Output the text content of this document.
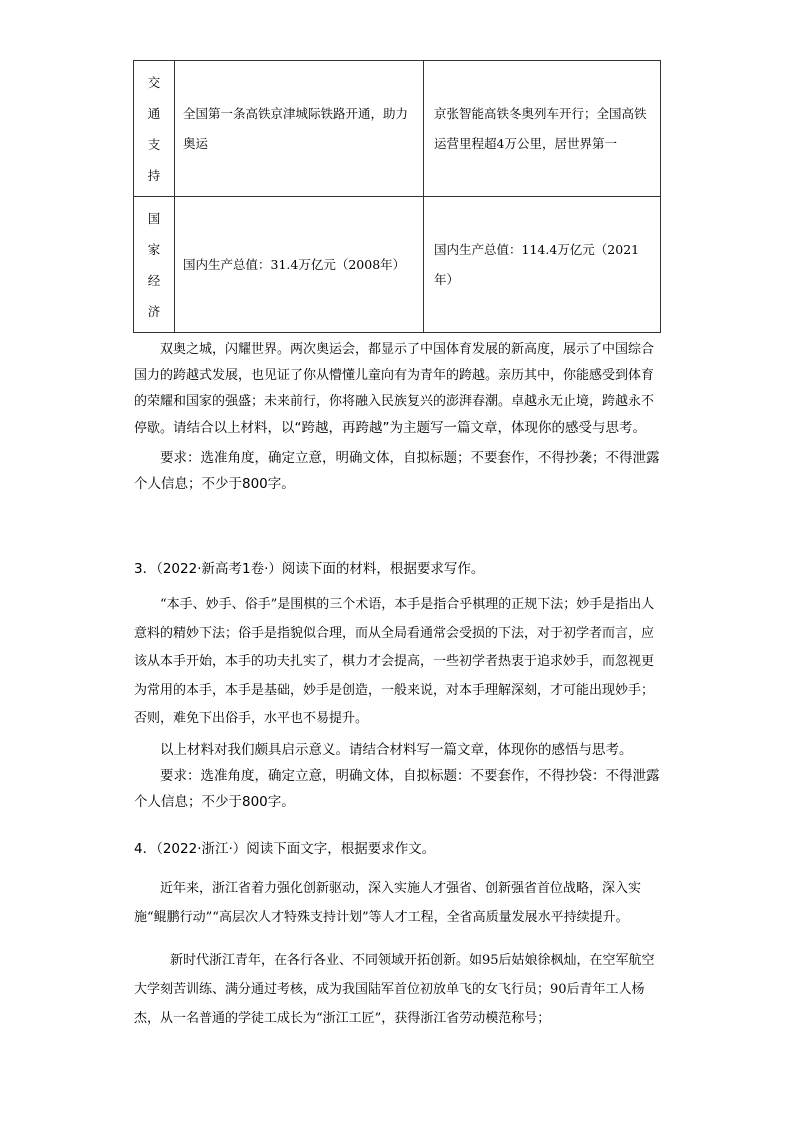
交
通
支
持	全国第一条高铁京津城际铁路开通，助力奥运	京张智能高铁冬奥列车开行；全国高铁运营里程超4万公里，居世界第一

国
家
经
济	国内生产总值：31.4万亿元（2008年）	国内生产总值：114.4万亿元（2021年）

双奥之城，闪耀世界。两次奥运会，都显示了中国体育发展的新高度，展示了中国综合国力的跨越式发展，也见证了你从懵懂儿童向有为青年的跨越。亲历其中，你能感受到体育的荣耀和国家的强盛；未来前行，你将融入民族复兴的澎湃春潮。卓越永无止境，跨越永不停歇。请结合以上材料，以“跨越，再跨越”为主题写一篇文章，体现你的感受与思考。

要求：选准角度，确定立意，明确文体，自拟标题；不要套作，不得抄袭；不得泄露个人信息；不少于800字。

3．（2022·新高考1卷·）阅读下面的材料，根据要求写作。

“本手、妙手、俗手”是围棋的三个术语，本手是指合乎棋理的正规下法；妙手是指出人意料的精妙下法；俗手是指貌似合理，而从全局看通常会受损的下法，对于初学者而言，应该从本手开始，本手的功夫扎实了，棋力才会提高，一些初学者热衷于追求妙手，而忽视更为常用的本手，本手是基础，妙手是创造，一般来说，对本手理解深刻，才可能出现妙手；否则，难免下出俗手，水平也不易提升。

以上材料对我们颇具启示意义。请结合材料写一篇文章，体现你的感悟与思考。

要求：选准角度，确定立意，明确文体，自拟标题：不要套作，不得抄袋：不得泄露个人信息；不少于800字。

4．（2022·浙江·）阅读下面文字，根据要求作文。

近年来，浙江省着力强化创新驱动，深入实施人才强省、创新强省首位战略，深入实施“鲲鹏行动”“高层次人才特殊支持计划”等人才工程，全省高质量发展水平持续提升。

新时代浙江青年，在各行各业、不同领域开拓创新。如95后姑娘徐枫灿，在空军航空大学刻苦训练、满分通过考核，成为我国陆军首位初放单飞的女飞行员；90后青年工人杨杰，从一名普通的学徒工成长为“浙江工匠”，获得浙江省劳动模范称号；
